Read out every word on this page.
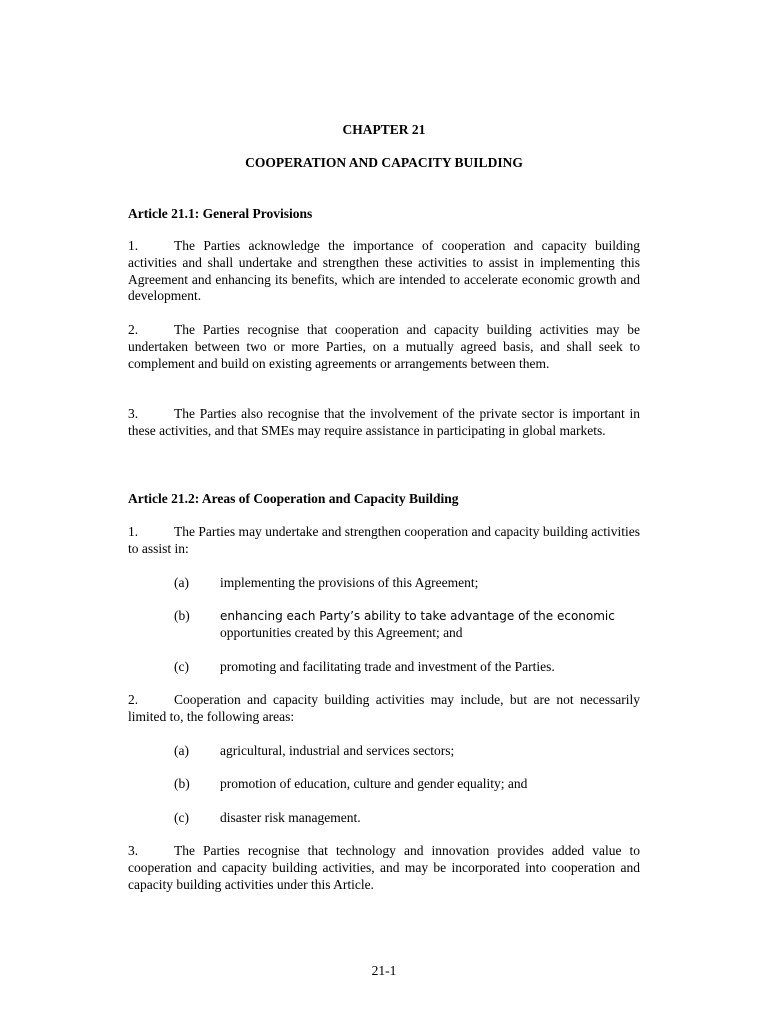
CHAPTER 21

COOPERATION AND CAPACITY BUILDING

Article 21.1: General Provisions

1.	The Parties acknowledge the importance of cooperation and capacity building activities and shall undertake and strengthen these activities to assist in implementing this Agreement and enhancing its benefits, which are intended to accelerate economic growth and development.

2.	The Parties recognise that cooperation and capacity building activities may be undertaken between two or more Parties, on a mutually agreed basis, and shall seek to complement and build on existing agreements or arrangements between them.

3.	The Parties also recognise that the involvement of the private sector is important in these activities, and that SMEs may require assistance in participating in global markets.

Article 21.2: Areas of Cooperation and Capacity Building

1.	The Parties may undertake and strengthen cooperation and capacity building activities to assist in:

(a)	implementing the provisions of this Agreement;
(b)	enhancing each Party’s ability to take advantage of the economic
opportunities created by this Agreement; and
(c)	promoting and facilitating trade and investment of the Parties.

2.	Cooperation and capacity building activities may include, but are not necessarily limited to, the following areas:

(a)	agricultural, industrial and services sectors;
(b)	promotion of education, culture and gender equality; and
(c)	disaster risk management.

3.	The Parties recognise that technology and innovation provides added value to cooperation and capacity building activities, and may be incorporated into cooperation and capacity building activities under this Article.

21-1
